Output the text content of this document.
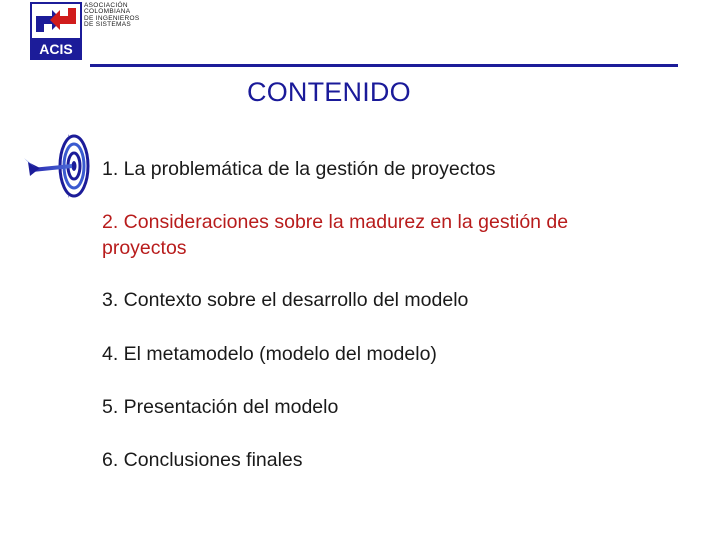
ACIS
ASOCIACIÓN
COLOMBIANA
DE INGENIEROS
DE SISTEMAS
CONTENIDO
1. La problemática de la gestión de proyectos
2. Consideraciones sobre la madurez en la gestión de proyectos
3. Contexto sobre el desarrollo del modelo
4. El metamodelo (modelo del modelo)
5. Presentación del modelo
6. Conclusiones finales
